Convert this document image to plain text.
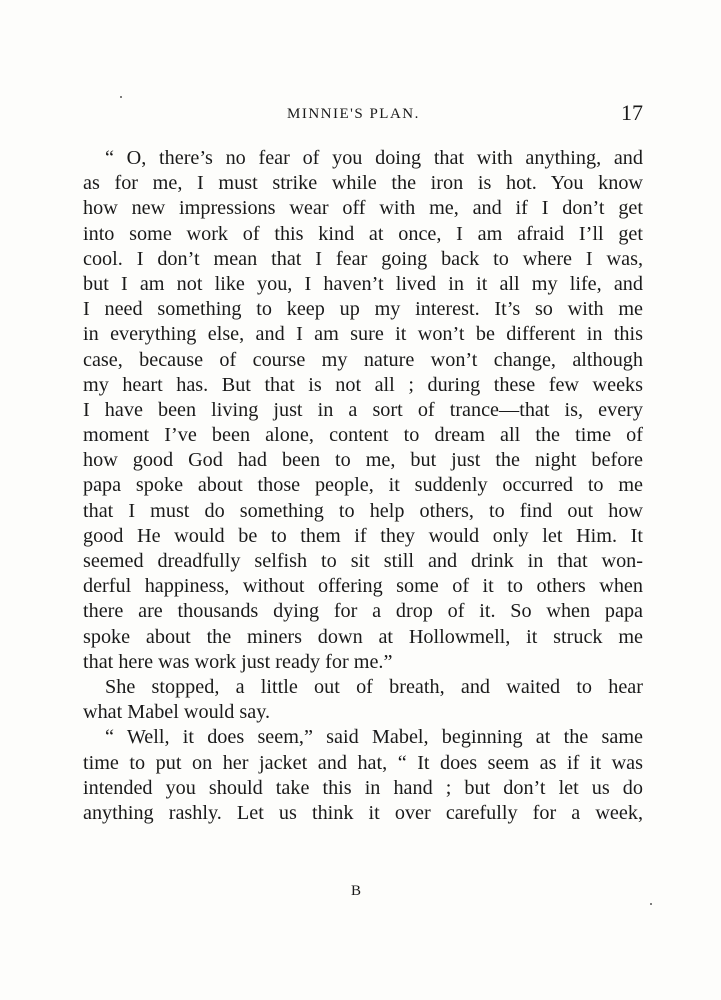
MINNIE'S PLAN.	17
“ O, there’s no fear of you doing that with anything, and
as for me, I must strike while the iron is hot. You know
how new impressions wear off with me, and if I don’t get
into some work of this kind at once, I am afraid I’ll get
cool. I don’t mean that I fear going back to where I was,
but I am not like you, I haven’t lived in it all my life, and
I need something to keep up my interest. It’s so with me
in everything else, and I am sure it won’t be different in this
case, because of course my nature won’t change, although
my heart has. But that is not all ; during these few weeks
I have been living just in a sort of trance—that is, every
moment I’ve been alone, content to dream all the time of
how good God had been to me, but just the night before
papa spoke about those people, it suddenly occurred to me
that I must do something to help others, to find out how
good He would be to them if they would only let Him. It
seemed dreadfully selfish to sit still and drink in that won-
derful happiness, without offering some of it to others when
there are thousands dying for a drop of it. So when papa
spoke about the miners down at Hollowmell, it struck me
that here was work just ready for me.”
She stopped, a little out of breath, and waited to hear
what Mabel would say.
“ Well, it does seem,” said Mabel, beginning at the same
time to put on her jacket and hat, “ It does seem as if it was
intended you should take this in hand ; but don’t let us do
anything rashly. Let us think it over carefully for a week,
B
